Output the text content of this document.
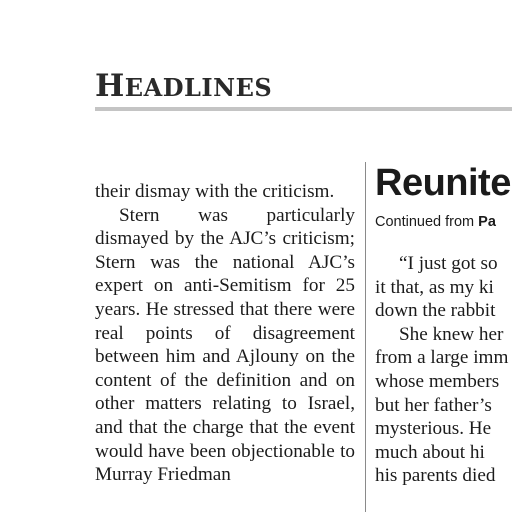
HEADLINES
their dismay with the criticism.
Stern was particularly dismayed by the AJC’s criticism; Stern was the national AJC’s expert on anti-Semitism for 25 years. He stressed that there were real points of disagreement between him and Ajlouny on the content of the definition and on other matters relating to Israel, and that the charge that the event would have been objectionable to Murray Friedman
Reunite
Continued from Pa
“I just got so
it that, as my ki
down the rabbit
She knew her
from a large imm
whose members
but her father’s
mysterious. He
much about hi
his parents died
